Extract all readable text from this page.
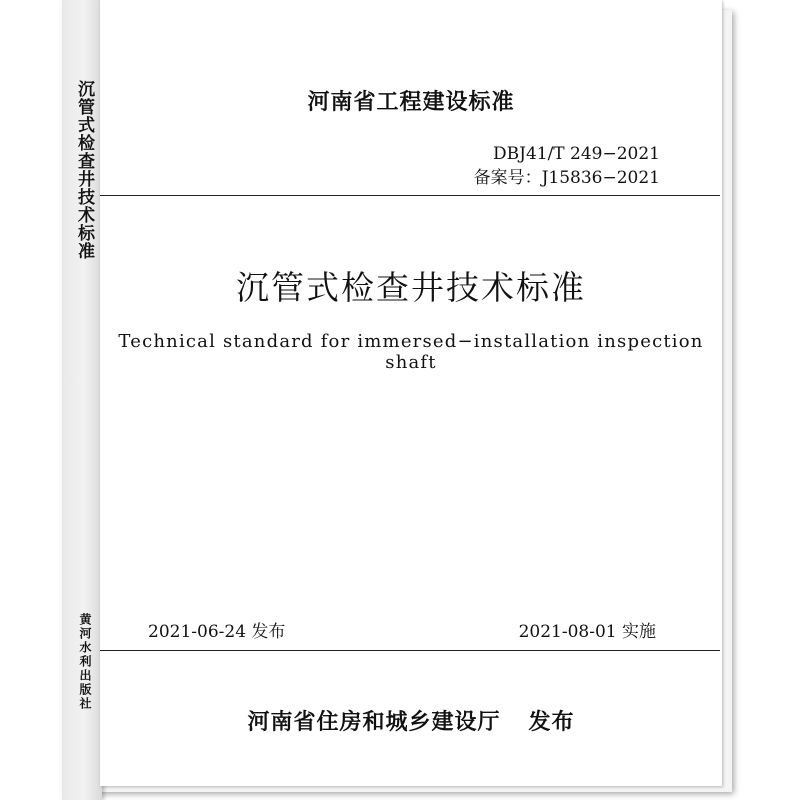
沉管式检查井技术标准
黄河水利出版社
河南省工程建设标准
DBJ41/T 249−2021
备案号：J15836−2021
沉管式检查井技术标准
Technical standard for immersed−installation inspection shaft
2021-06-24 发布	2021-08-01 实施
河南省住房和城乡建设厅 发布
